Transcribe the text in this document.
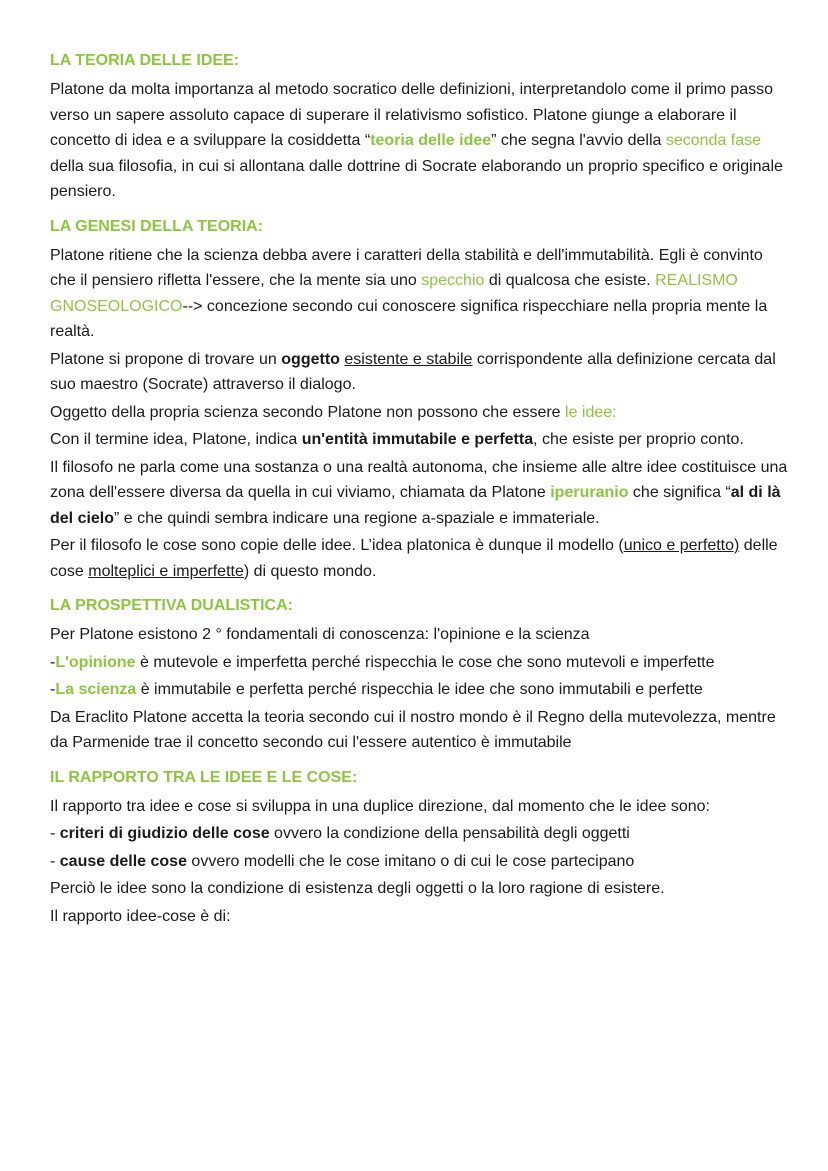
LA TEORIA DELLE IDEE:

Platone da molta importanza al metodo socratico delle definizioni, interpretandolo come il primo passo verso un sapere assoluto capace di superare il relativismo sofistico. Platone giunge a elaborare il concetto di idea e a sviluppare la cosiddetta “teoria delle idee” che segna l'avvio della seconda fase della sua filosofia, in cui si allontana dalle dottrine di Socrate elaborando un proprio specifico e originale pensiero.

LA GENESI DELLA TEORIA:

Platone ritiene che la scienza debba avere i caratteri della stabilità e dell'immutabilità. Egli è convinto che il pensiero rifletta l'essere, che la mente sia uno specchio di qualcosa che esiste. REALISMO GNOSEOLOGICO--> concezione secondo cui conoscere significa rispecchiare nella propria mente la realtà.

Platone si propone di trovare un oggetto esistente e stabile corrispondente alla definizione cercata dal suo maestro (Socrate) attraverso il dialogo.

Oggetto della propria scienza secondo Platone non possono che essere le idee:

Con il termine idea, Platone, indica un'entità immutabile e perfetta, che esiste per proprio conto.

Il filosofo ne parla come una sostanza o una realtà autonoma, che insieme alle altre idee costituisce una zona dell'essere diversa da quella in cui viviamo, chiamata da Platone iperuranio che significa “al di là del cielo” e che quindi sembra indicare una regione a-spaziale e immateriale.

Per il filosofo le cose sono copie delle idee. L’idea platonica è dunque il modello (unico e perfetto) delle cose molteplici e imperfette) di questo mondo.

LA PROSPETTIVA DUALISTICA:

Per Platone esistono 2 ° fondamentali di conoscenza: l'opinione e la scienza

-L'opinione è mutevole e imperfetta perché rispecchia le cose che sono mutevoli e imperfette

-La scienza è immutabile e perfetta perché rispecchia le idee che sono immutabili e perfette

Da Eraclito Platone accetta la teoria secondo cui il nostro mondo è il Regno della mutevolezza, mentre da Parmenide trae il concetto secondo cui l'essere autentico è immutabile

IL RAPPORTO TRA LE IDEE E LE COSE:

Il rapporto tra idee e cose si sviluppa in una duplice direzione, dal momento che le idee sono:

- criteri di giudizio delle cose ovvero la condizione della pensabilità degli oggetti

- cause delle cose ovvero modelli che le cose imitano o di cui le cose partecipano

Perciò le idee sono la condizione di esistenza degli oggetti o la loro ragione di esistere.

Il rapporto idee-cose è di:
